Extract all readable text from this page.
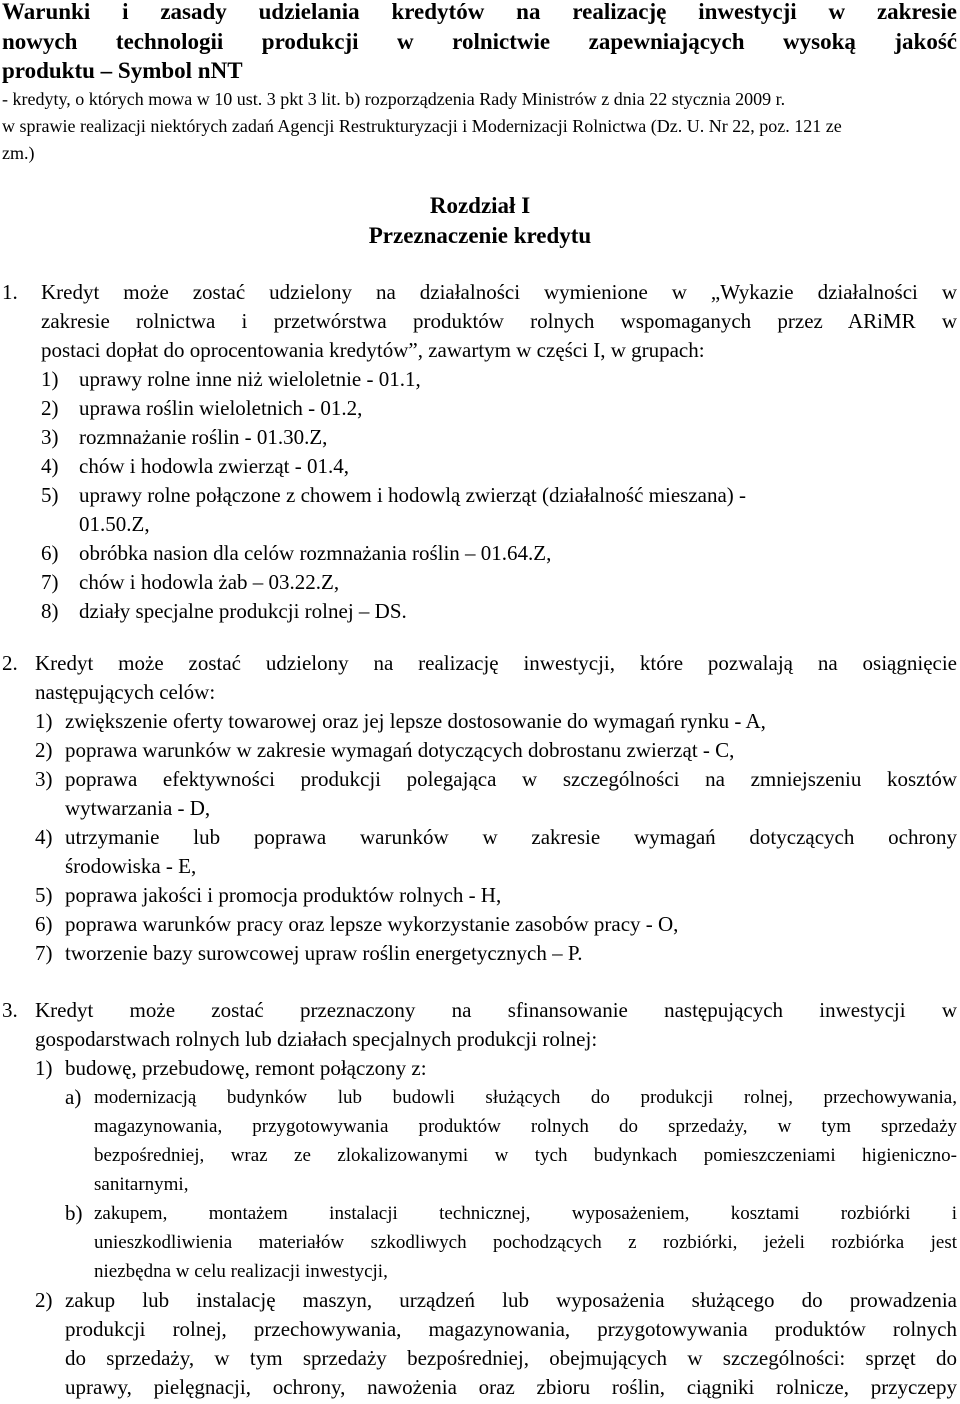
Warunki i zasady udzielania kredytów na realizację inwestycji w zakresie
nowych technologii produkcji w rolnictwie zapewniających wysoką jakość
produktu – Symbol nNT
- kredyty, o których mowa w 10 ust. 3 pkt 3 lit. b) rozporządzenia Rady Ministrów z dnia 22 stycznia 2009 r.
w sprawie realizacji niektórych zadań Agencji Restrukturyzacji i Modernizacji Rolnictwa (Dz. U. Nr 22, poz. 121 ze
zm.)
Rozdział I
Przeznaczenie kredytu
1. Kredyt może zostać udzielony na działalności wymienione w „Wykazie działalności w
zakresie rolnictwa i przetwórstwa produktów rolnych wspomaganych przez ARiMR w
postaci dopłat do oprocentowania kredytów”, zawartym w części I, w grupach:
1) uprawy rolne inne niż wieloletnie - 01.1,
2) uprawa roślin wieloletnich - 01.2,
3) rozmnażanie roślin - 01.30.Z,
4) chów i hodowla zwierząt - 01.4,
5) uprawy rolne połączone z chowem i hodowlą zwierząt (działalność mieszana) -
01.50.Z,
6) obróbka nasion dla celów rozmnażania roślin – 01.64.Z,
7) chów i hodowla żab – 03.22.Z,
8) działy specjalne produkcji rolnej – DS.
2. Kredyt może zostać udzielony na realizację inwestycji, które pozwalają na osiągnięcie
następujących celów:
1) zwiększenie oferty towarowej oraz jej lepsze dostosowanie do wymagań rynku - A,
2) poprawa warunków w zakresie wymagań dotyczących dobrostanu zwierząt - C,
3) poprawa efektywności produkcji polegająca w szczególności na zmniejszeniu kosztów
wytwarzania - D,
4) utrzymanie lub poprawa warunków w zakresie wymagań dotyczących ochrony
środowiska - E,
5) poprawa jakości i promocja produktów rolnych - H,
6) poprawa warunków pracy oraz lepsze wykorzystanie zasobów pracy - O,
7) tworzenie bazy surowcowej upraw roślin energetycznych – P.
3. Kredyt może zostać przeznaczony na sfinansowanie następujących inwestycji w
gospodarstwach rolnych lub działach specjalnych produkcji rolnej:
1) budowę, przebudowę, remont połączony z:
a) modernizacją budynków lub budowli służących do produkcji rolnej, przechowywania,
magazynowania, przygotowywania produktów rolnych do sprzedaży, w tym sprzedaży
bezpośredniej, wraz ze zlokalizowanymi w tych budynkach pomieszczeniami higieniczno-
sanitarnymi,
b) zakupem, montażem instalacji technicznej, wyposażeniem, kosztami rozbiórki i
unieszkodliwienia materiałów szkodliwych pochodzących z rozbiórki, jeżeli rozbiórka jest
niezbędna w celu realizacji inwestycji,
2) zakup lub instalację maszyn, urządzeń lub wyposażenia służącego do prowadzenia
produkcji rolnej, przechowywania, magazynowania, przygotowywania produktów rolnych
do sprzedaży, w tym sprzedaży bezpośredniej, obejmujących w szczególności: sprzęt do
uprawy, pielęgnacji, ochrony, nawożenia oraz zbioru roślin, ciągniki rolnicze, przyczepy
